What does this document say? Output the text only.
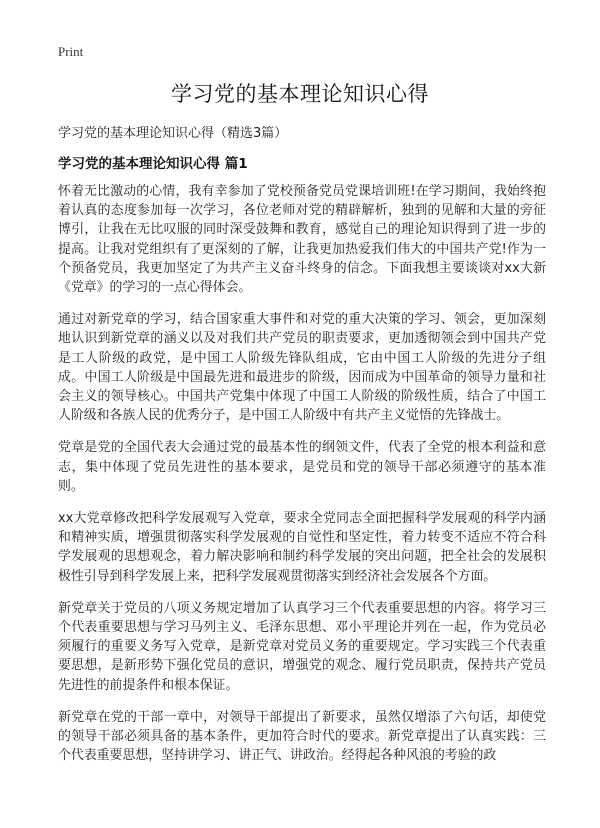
Print
学习党的基本理论知识心得

学习党的基本理论知识心得（精选3篇）

学习党的基本理论知识心得 篇1

怀着无比激动的心情，我有幸参加了党校预备党员党课培训班!在学习期间，我始终抱着认真的态度参加每一次学习，各位老师对党的精辟解析，独到的见解和大量的旁征博引，让我在无比叹服的同时深受鼓舞和教育，感觉自己的理论知识得到了进一步的提高。让我对党组织有了更深刻的了解，让我更加热爱我们伟大的中国共产党!作为一个预备党员，我更加坚定了为共产主义奋斗终身的信念。下面我想主要谈谈对xx大新《党章》的学习的一点心得体会。

通过对新党章的学习，结合国家重大事件和对党的重大决策的学习、领会，更加深刻地认识到新党章的涵义以及对我们共产党员的职责要求，更加透彻领会到中国共产党是工人阶级的政党，是中国工人阶级先锋队组成，它由中国工人阶级的先进分子组成。中国工人阶级是中国最先进和最进步的阶级，因而成为中国革命的领导力量和社会主义的领导核心。中国共产党集中体现了中国工人阶级的阶级性质，结合了中国工人阶级和各族人民的优秀分子，是中国工人阶级中有共产主义觉悟的先锋战士。

党章是党的全国代表大会通过党的最基本性的纲领文件，代表了全党的根本利益和意志，集中体现了党员先进性的基本要求，是党员和党的领导干部必须遵守的基本准则。

xx大党章修改把科学发展观写入党章，要求全党同志全面把握科学发展观的科学内涵和精神实质，增强贯彻落实科学发展观的自觉性和坚定性，着力转变不适应不符合科学发展观的思想观念，着力解决影响和制约科学发展的突出问题，把全社会的发展积极性引导到科学发展上来，把科学发展观贯彻落实到经济社会发展各个方面。

新党章关于党员的八项义务规定增加了认真学习三个代表重要思想的内容。将学习三个代表重要思想与学习马列主义、毛泽东思想、邓小平理论并列在一起，作为党员必须履行的重要义务写入党章，是新党章对党员义务的重要规定。学习实践三个代表重要思想，是新形势下强化党员的意识，增强党的观念、履行党员职责，保持共产党员先进性的前提条件和根本保证。

新党章在党的干部一章中，对领导干部提出了新要求，虽然仅增添了六句话，却使党的领导干部必须具备的基本条件，更加符合时代的要求。新党章提出了认真实践：三个代表重要思想，坚持讲学习、讲正气、讲政治。经得起各种风浪的考验的政
